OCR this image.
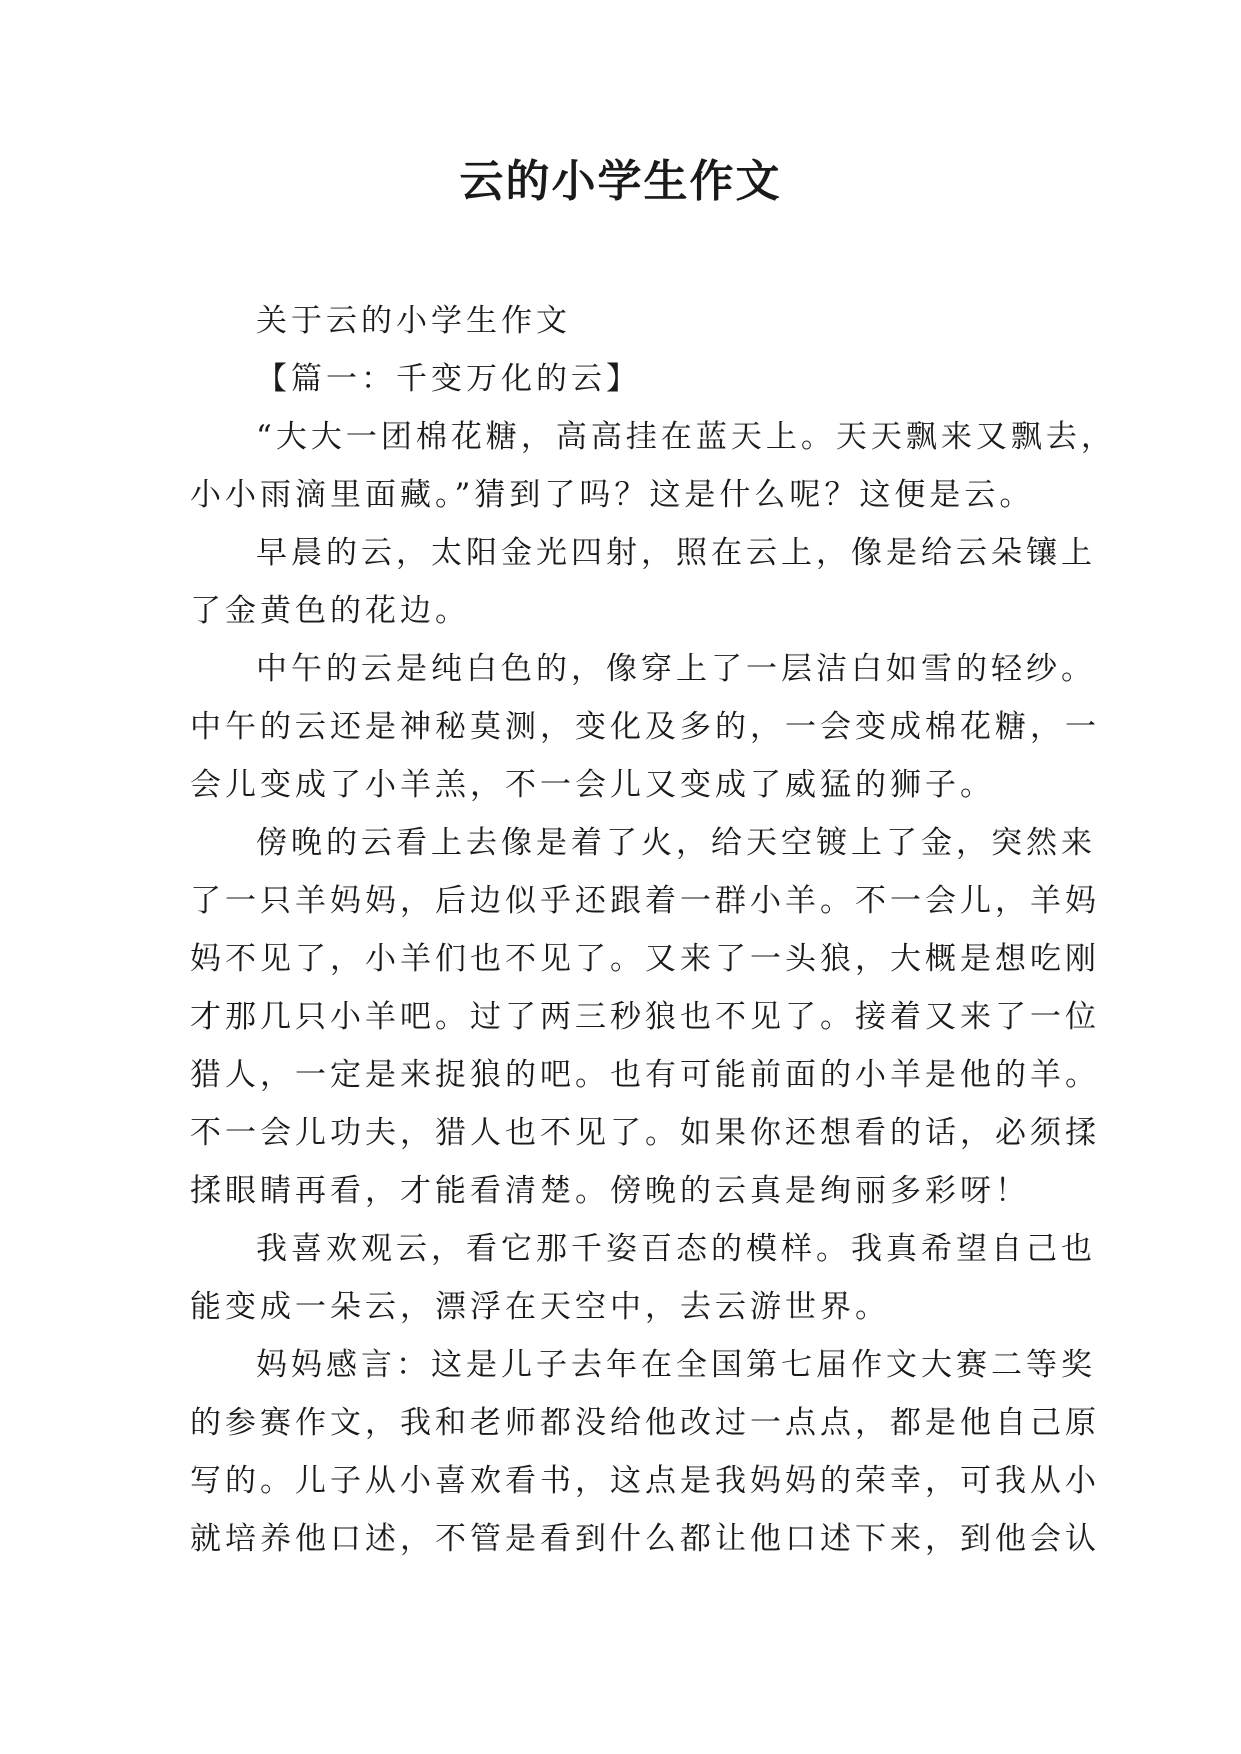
云的小学生作文

关于云的小学生作文

【篇一：千变万化的云】

“大大一团棉花糖，高高挂在蓝天上。天天飘来又飘去，

小小雨滴里面藏。”猜到了吗？这是什么呢？这便是云。

早晨的云，太阳金光四射，照在云上，像是给云朵镶上

了金黄色的花边。

中午的云是纯白色的，像穿上了一层洁白如雪的轻纱。

中午的云还是神秘莫测，变化及多的，一会变成棉花糖，一

会儿变成了小羊羔，不一会儿又变成了威猛的狮子。

傍晚的云看上去像是着了火，给天空镀上了金，突然来

了一只羊妈妈，后边似乎还跟着一群小羊。不一会儿，羊妈

妈不见了，小羊们也不见了。又来了一头狼，大概是想吃刚

才那几只小羊吧。过了两三秒狼也不见了。接着又来了一位

猎人，一定是来捉狼的吧。也有可能前面的小羊是他的羊。

不一会儿功夫，猎人也不见了。如果你还想看的话，必须揉

揉眼睛再看，才能看清楚。傍晚的云真是绚丽多彩呀！

我喜欢观云，看它那千姿百态的模样。我真希望自己也

能变成一朵云，漂浮在天空中，去云游世界。

妈妈感言：这是儿子去年在全国第七届作文大赛二等奖

的参赛作文，我和老师都没给他改过一点点，都是他自己原

写的。儿子从小喜欢看书，这点是我妈妈的荣幸，可我从小

就培养他口述，不管是看到什么都让他口述下来，到他会认
